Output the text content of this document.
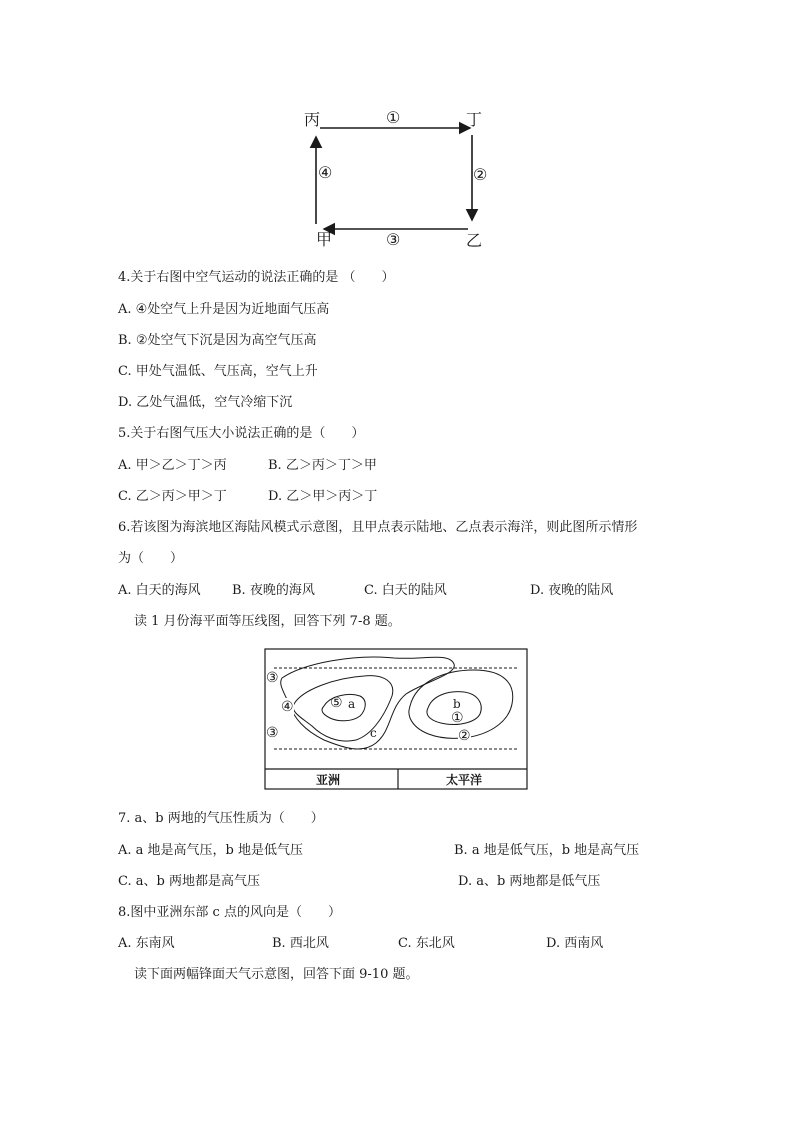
丙	丁
甲	乙
①
②
③
④
4.关于右图中空气运动的说法正确的是 （　　）
A. ④处空气上升是因为近地面气压高
B. ②处空气下沉是因为高空气压高
C. 甲处气温低、气压高，空气上升
D. 乙处气温低，空气冷缩下沉
5.关于右图气压大小说法正确的是（　　）
A. 甲＞乙＞丁＞丙	B. 乙＞丙＞丁＞甲
C. 乙＞丙＞甲＞丁	D. 乙＞甲＞丙＞丁
6.若该图为海滨地区海陆风模式示意图，且甲点表示陆地、乙点表示海洋，则此图所示情形
为（　　）
A. 白天的海风 B. 夜晚的海风	C. 白天的陆风	D. 夜晚的陆风
读 1 月份海平面等压线图，回答下列 7-8 题。
③
④
③
⑤ a
c
b
①
②
亚洲	太平洋
7. a、b 两地的气压性质为（　　）
A. a 地是高气压，b 地是低气压	B. a 地是低气压，b 地是高气压
C. a、b 两地都是高气压	D. a、b 两地都是低气压
8.图中亚洲东部 c 点的风向是（　　）
A. 东南风	B. 西北风	C. 东北风	D. 西南风
读下面两幅锋面天气示意图，回答下面 9-10 题。
